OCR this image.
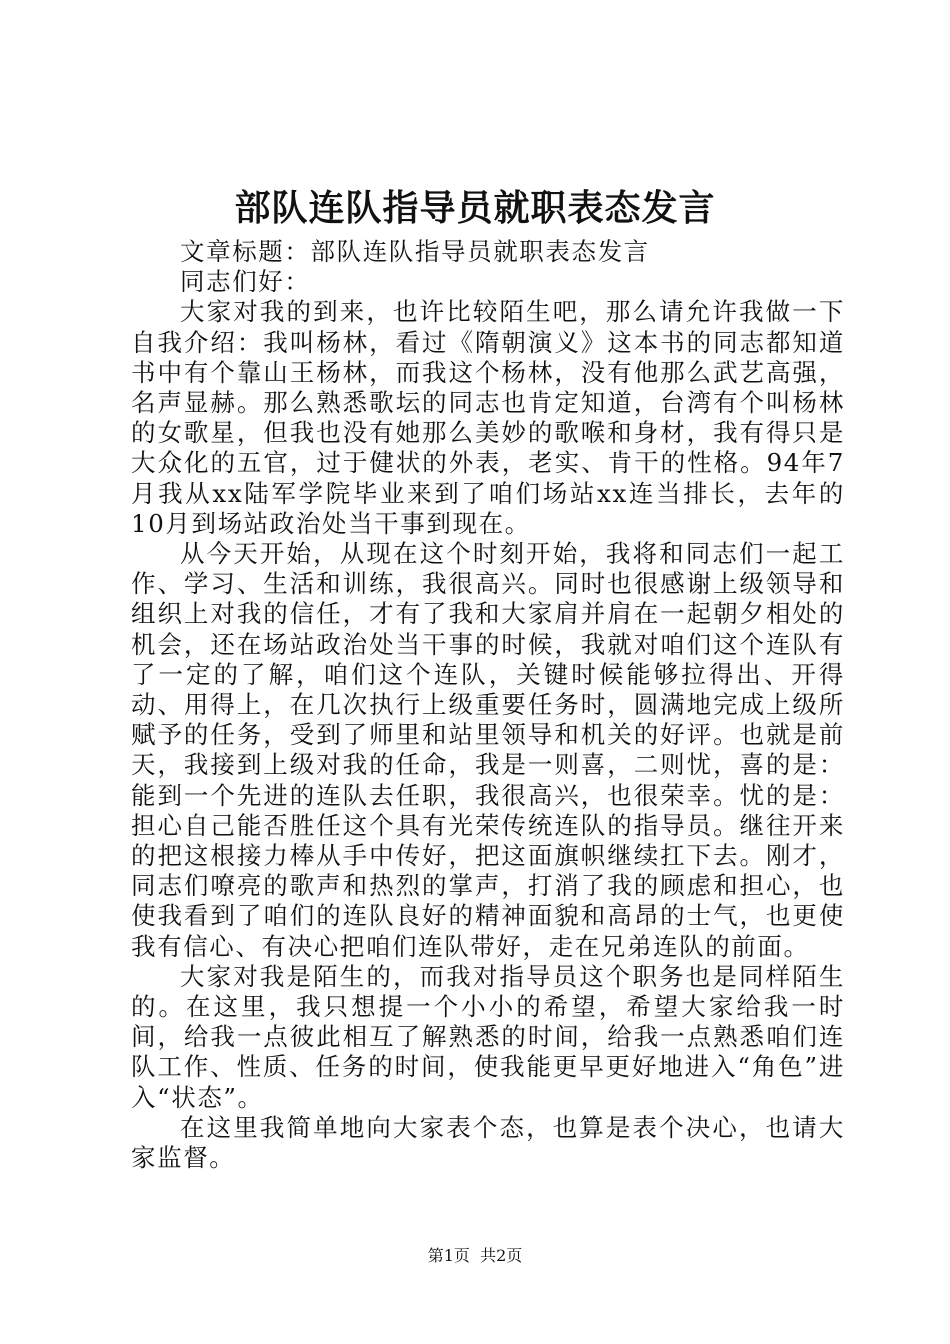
部队连队指导员就职表态发言

文章标题：部队连队指导员就职表态发言

同志们好：

大家对我的到来，也许比较陌生吧，那么请允许我做一下自我介绍：我叫杨林，看过《隋朝演义》这本书的同志都知道书中有个靠山王杨林，而我这个杨林，没有他那么武艺高强，名声显赫。那么熟悉歌坛的同志也肯定知道，台湾有个叫杨林的女歌星，但我也没有她那么美妙的歌喉和身材，我有得只是大众化的五官，过于健状的外表，老实、肯干的性格。94年7月我从xx陆军学院毕业来到了咱们场站xx连当排长，去年的10月到场站政治处当干事到现在。

从今天开始，从现在这个时刻开始，我将和同志们一起工作、学习、生活和训练，我很高兴。同时也很感谢上级领导和组织上对我的信任，才有了我和大家肩并肩在一起朝夕相处的机会，还在场站政治处当干事的时候，我就对咱们这个连队有了一定的了解，咱们这个连队，关键时候能够拉得出、开得动、用得上，在几次执行上级重要任务时，圆满地完成上级所赋予的任务，受到了师里和站里领导和机关的好评。也就是前天，我接到上级对我的任命，我是一则喜，二则忧，喜的是：能到一个先进的连队去任职，我很高兴，也很荣幸。忧的是：担心自己能否胜任这个具有光荣传统连队的指导员。继往开来的把这根接力棒从手中传好，把这面旗帜继续扛下去。刚才，同志们嘹亮的歌声和热烈的掌声，打消了我的顾虑和担心，也使我看到了咱们的连队良好的精神面貌和高昂的士气，也更使我有信心、有决心把咱们连队带好，走在兄弟连队的前面。

大家对我是陌生的，而我对指导员这个职务也是同样陌生的。在这里，我只想提一个小小的希望，希望大家给我一时间，给我一点彼此相互了解熟悉的时间，给我一点熟悉咱们连队工作、性质、任务的时间，使我能更早更好地进入“角色”进入“状态”。

在这里我简单地向大家表个态，也算是表个决心，也请大家监督。

第1页 共2页
